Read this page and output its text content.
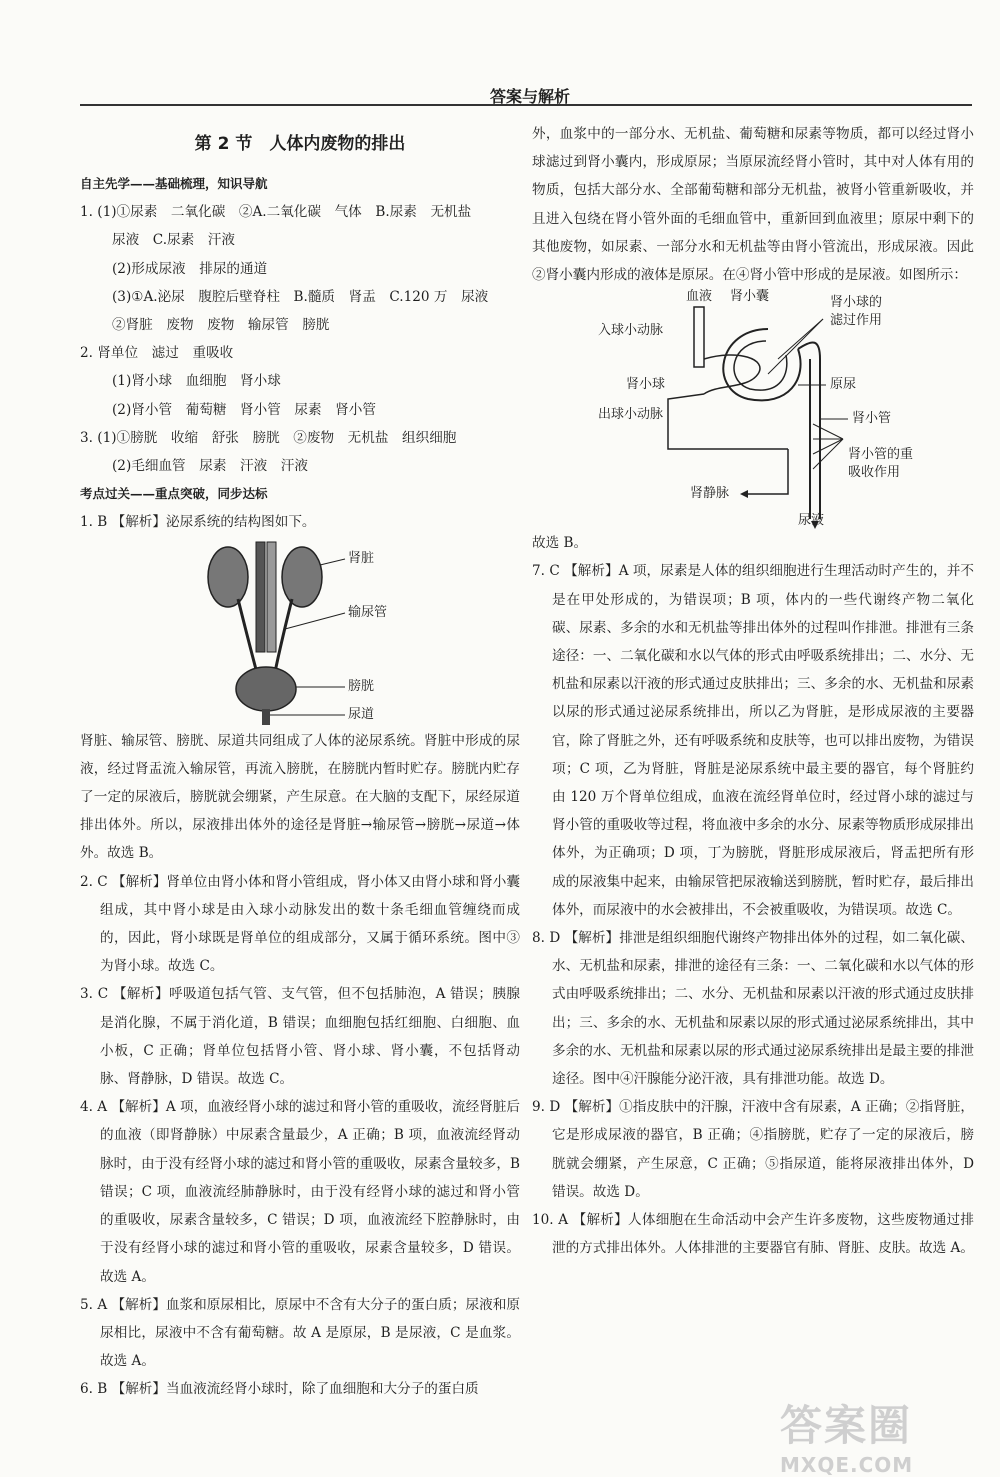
答案与解析

第 2 节　人体内废物的排出

自主先学——基础梳理，知识导航

1. (1)①尿素　二氧化碳　②A.二氧化碳　气体　B.尿素　无机盐

尿液　C.尿素　汗液

(2)形成尿液　排尿的通道

(3)①A.泌尿　腹腔后壁脊柱　B.髓质　肾盂　C.120 万　尿液

②肾脏　废物　废物　输尿管　膀胱

2. 肾单位　滤过　重吸收

(1)肾小球　血细胞　肾小球

(2)肾小管　葡萄糖　肾小管　尿素　肾小管

3. (1)①膀胱　收缩　舒张　膀胱　②废物　无机盐　组织细胞

(2)毛细血管　尿素　汗液　汗液

考点过关——重点突破，同步达标

1. B 【解析】泌尿系统的结构图如下。

肾脏
输尿管
膀胱
尿道

肾脏、输尿管、膀胱、尿道共同组成了人体的泌尿系统。肾脏中形成的尿液，经过肾盂流入输尿管，再流入膀胱，在膀胱内暂时贮存。膀胱内贮存了一定的尿液后，膀胱就会绷紧，产生尿意。在大脑的支配下，尿经尿道排出体外。所以，尿液排出体外的途径是肾脏→输尿管→膀胱→尿道→体外。故选 B。

2. C 【解析】肾单位由肾小体和肾小管组成，肾小体又由肾小球和肾小囊组成，其中肾小球是由入球小动脉发出的数十条毛细血管缠绕而成的，因此，肾小球既是肾单位的组成部分，又属于循环系统。图中③为肾小球。故选 C。

3. C 【解析】呼吸道包括气管、支气管，但不包括肺泡，A 错误；胰腺是消化腺，不属于消化道，B 错误；血细胞包括红细胞、白细胞、血小板，C 正确；肾单位包括肾小管、肾小球、肾小囊，不包括肾动脉、肾静脉，D 错误。故选 C。

4. A 【解析】A 项，血液经肾小球的滤过和肾小管的重吸收，流经肾脏后的血液（即肾静脉）中尿素含量最少，A 正确；B 项，血液流经肾动脉时，由于没有经肾小球的滤过和肾小管的重吸收，尿素含量较多，B 错误；C 项，血液流经肺静脉时，由于没有经肾小球的滤过和肾小管的重吸收，尿素含量较多，C 错误；D 项，血液流经下腔静脉时，由于没有经肾小球的滤过和肾小管的重吸收，尿素含量较多，D 错误。故选 A。

5. A 【解析】血浆和原尿相比，原尿中不含有大分子的蛋白质；尿液和原尿相比，尿液中不含有葡萄糖。故 A 是原尿，B 是尿液，C 是血浆。故选 A。

6. B 【解析】当血液流经肾小球时，除了血细胞和大分子的蛋白质

外，血浆中的一部分水、无机盐、葡萄糖和尿素等物质，都可以经过肾小球滤过到肾小囊内，形成原尿；当原尿流经肾小管时，其中对人体有用的物质，包括大部分水、全部葡萄糖和部分无机盐，被肾小管重新吸收，并且进入包绕在肾小管外面的毛细血管中，重新回到血液里；原尿中剩下的其他废物，如尿素、一部分水和无机盐等由肾小管流出，形成尿液。因此②肾小囊内形成的液体是原尿。在④肾小管中形成的是尿液。如图所示：

血液 肾小囊	肾小球的
滤过作用
入球小动脉
原尿
肾小球
出球小动脉	肾小管
肾小管的重
吸收作用
肾静脉
尿液

故选 B。

7. C 【解析】A 项，尿素是人体的组织细胞进行生理活动时产生的，并不是在甲处形成的，为错误项；B 项，体内的一些代谢终产物二氧化碳、尿素、多余的水和无机盐等排出体外的过程叫作排泄。排泄有三条途径：一、二氧化碳和水以气体的形式由呼吸系统排出；二、水分、无机盐和尿素以汗液的形式通过皮肤排出；三、多余的水、无机盐和尿素以尿的形式通过泌尿系统排出，所以乙为肾脏，是形成尿液的主要器官，除了肾脏之外，还有呼吸系统和皮肤等，也可以排出废物，为错误项；C 项，乙为肾脏，肾脏是泌尿系统中最主要的器官，每个肾脏约由 120 万个肾单位组成，血液在流经肾单位时，经过肾小球的滤过与肾小管的重吸收等过程，将血液中多余的水分、尿素等物质形成尿排出体外，为正确项；D 项，丁为膀胱，肾脏形成尿液后，肾盂把所有形成的尿液集中起来，由输尿管把尿液输送到膀胱，暂时贮存，最后排出体外，而尿液中的水会被排出，不会被重吸收，为错误项。故选 C。

8. D 【解析】排泄是组织细胞代谢终产物排出体外的过程，如二氧化碳、水、无机盐和尿素，排泄的途径有三条：一、二氧化碳和水以气体的形式由呼吸系统排出；二、水分、无机盐和尿素以汗液的形式通过皮肤排出；三、多余的水、无机盐和尿素以尿的形式通过泌尿系统排出，其中多余的水、无机盐和尿素以尿的形式通过泌尿系统排出是最主要的排泄途径。图中④汗腺能分泌汗液，具有排泄功能。故选 D。

9. D 【解析】①指皮肤中的汗腺，汗液中含有尿素，A 正确；②指肾脏，它是形成尿液的器官，B 正确；④指膀胱，贮存了一定的尿液后，膀胱就会绷紧，产生尿意，C 正确；⑤指尿道，能将尿液排出体外，D 错误。故选 D。

10. A 【解析】人体细胞在生命活动中会产生许多废物，这些废物通过排泄的方式排出体外。人体排泄的主要器官有肺、肾脏、皮肤。故选 A。

答案圈
MXQE.COM
